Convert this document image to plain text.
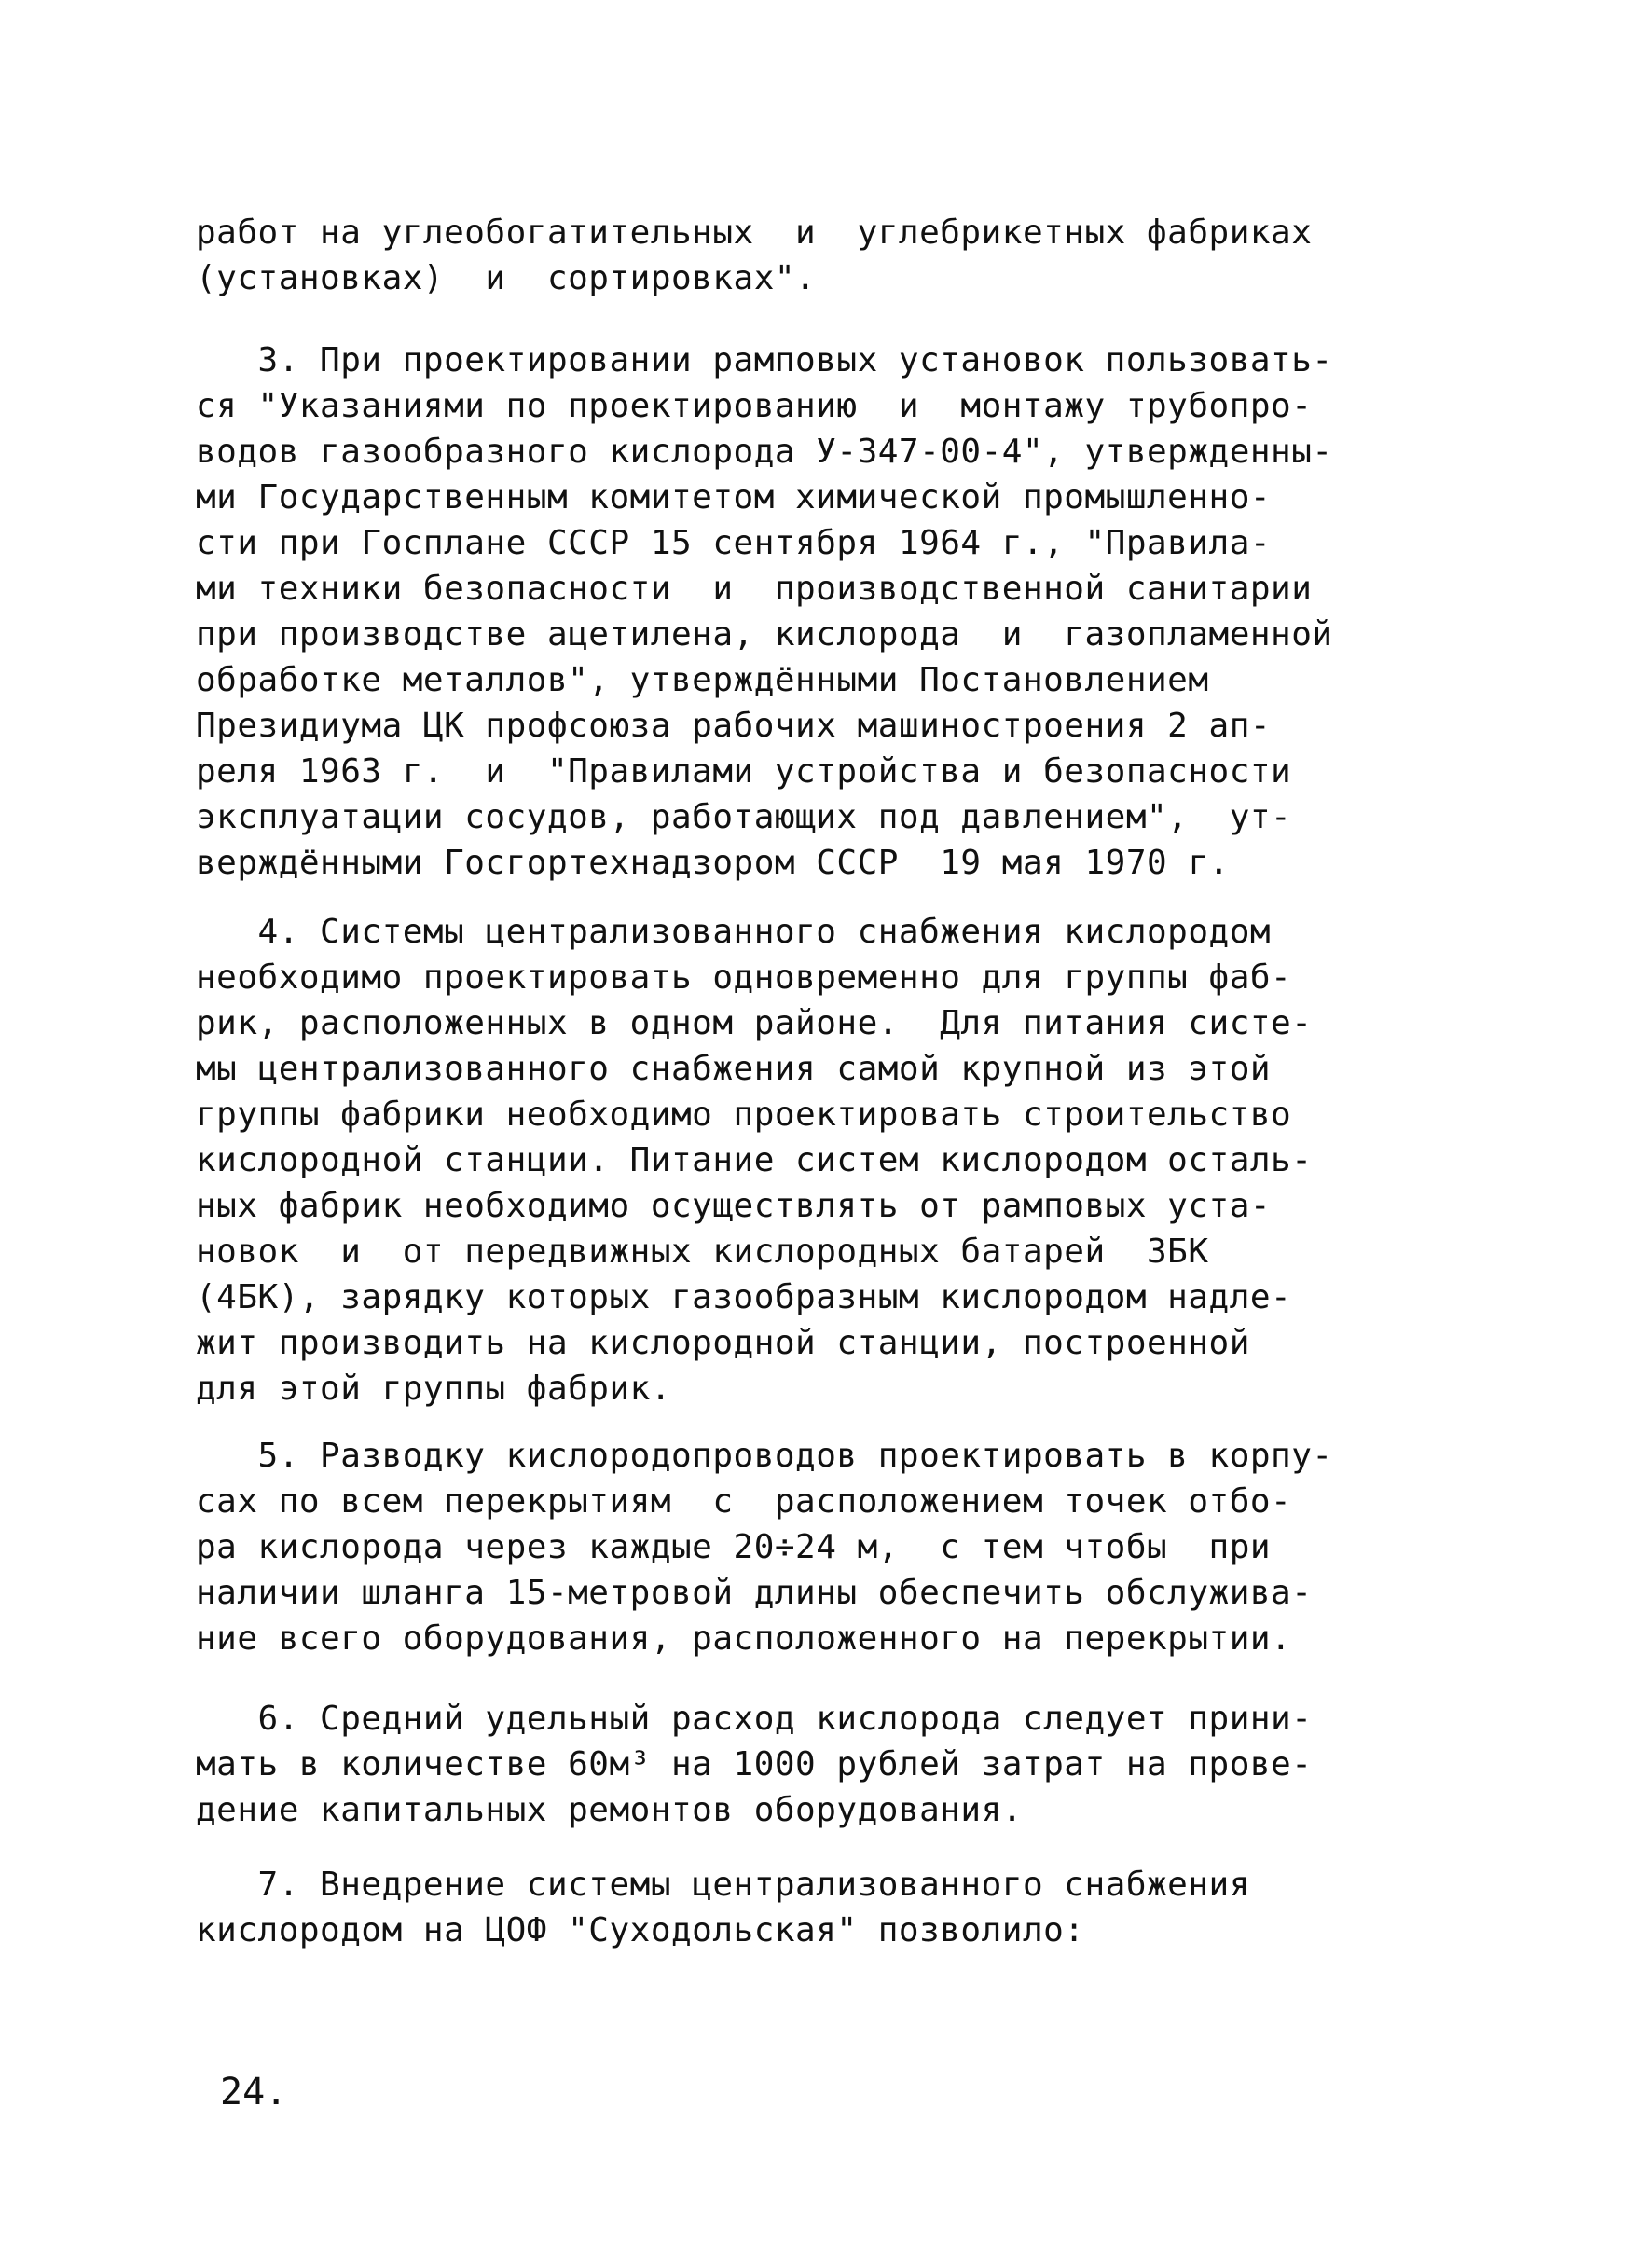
работ на углеобогатительных  и  углебрикетных фабриках
(установках)  и  сортировках".
3. При проектировании рамповых установок пользовать-
ся "Указаниями по проектированию  и  монтажу трубопро-
водов газообразного кислорода У-347-00-4", утвержденны-
ми Государственным комитетом химической промышленно-
сти при Госплане СССР 15 сентября 1964 г., "Правила-
ми техники безопасности  и  производственной санитарии
при производстве ацетилена, кислорода  и  газопламенной
обработке металлов", утверждёнными Постановлением
Президиума ЦК профсоюза рабочих машиностроения 2 ап-
реля 1963 г.  и  "Правилами устройства и безопасности
эксплуатации сосудов, работающих под давлением",  ут-
верждёнными Госгортехнадзором СССР  19 мая 1970 г.
4. Системы централизованного снабжения кислородом
необходимо проектировать одновременно для группы фаб-
рик, расположенных в одном районе.  Для питания систе-
мы централизованного снабжения самой крупной из этой
группы фабрики необходимо проектировать строительство
кислородной станции. Питание систем кислородом осталь-
ных фабрик необходимо осуществлять от рамповых уста-
новок  и  от передвижных кислородных батарей  3БК
(4БК), зарядку которых газообразным кислородом надле-
жит производить на кислородной станции, построенной
для этой группы фабрик.
5. Разводку кислородопроводов проектировать в корпу-
сах по всем перекрытиям  с  расположением точек отбо-
ра кислорода через каждые 20÷24 м,  с тем чтобы  при
наличии шланга 15-метровой длины обеспечить обслужива-
ние всего оборудования, расположенного на перекрытии.
6. Средний удельный расход кислорода следует прини-
мать в количестве 60м³ на 1000 рублей затрат на прове-
дение капитальных ремонтов оборудования.
7. Внедрение системы централизованного снабжения
кислородом на ЦОФ "Суходольская" позволило:
24.
